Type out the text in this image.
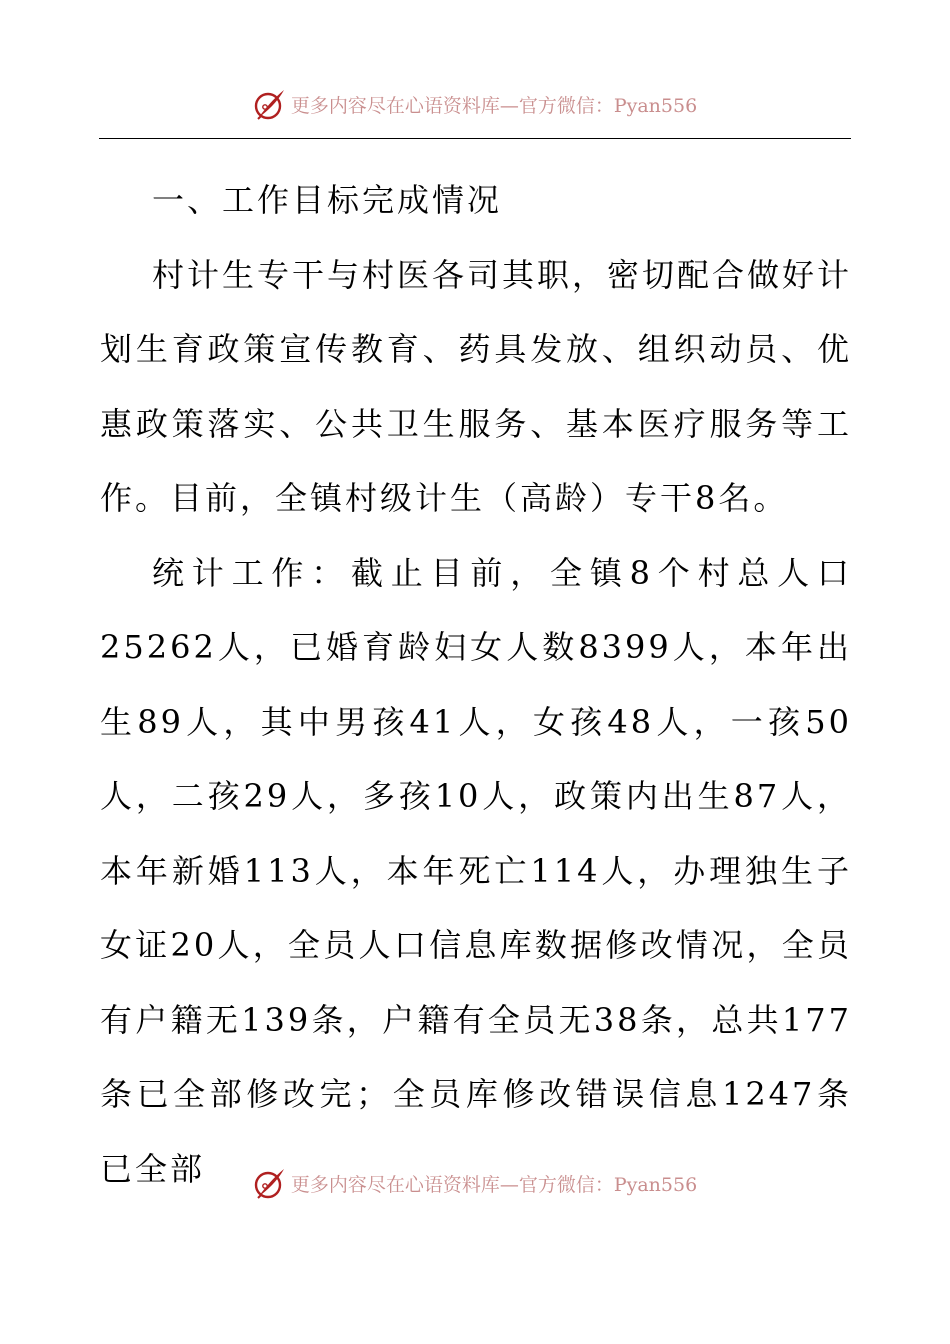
更多内容尽在心语资料库—官方微信：Pyan556

一、工作目标完成情况

村计生专干与村医各司其职，密切配合做好计划生育政策宣传教育、药具发放、组织动员、优惠政策落实、公共卫生服务、基本医疗服务等工作。目前，全镇村级计生（高龄）专干8名。

统计工作：截止目前，全镇8个村总人口25262人，已婚育龄妇女人数8399人，本年出生89人，其中男孩41人，女孩48人，一孩50人，二孩29人，多孩10人，政策内出生87人，本年新婚113人，本年死亡114人，办理独生子女证20人，全员人口信息库数据修改情况，全员有户籍无139条，户籍有全员无38条，总共177条已全部修改完；全员库修改错误信息1247条已全部	更多内容尽在心语资料库—官方微信：Pyan556
